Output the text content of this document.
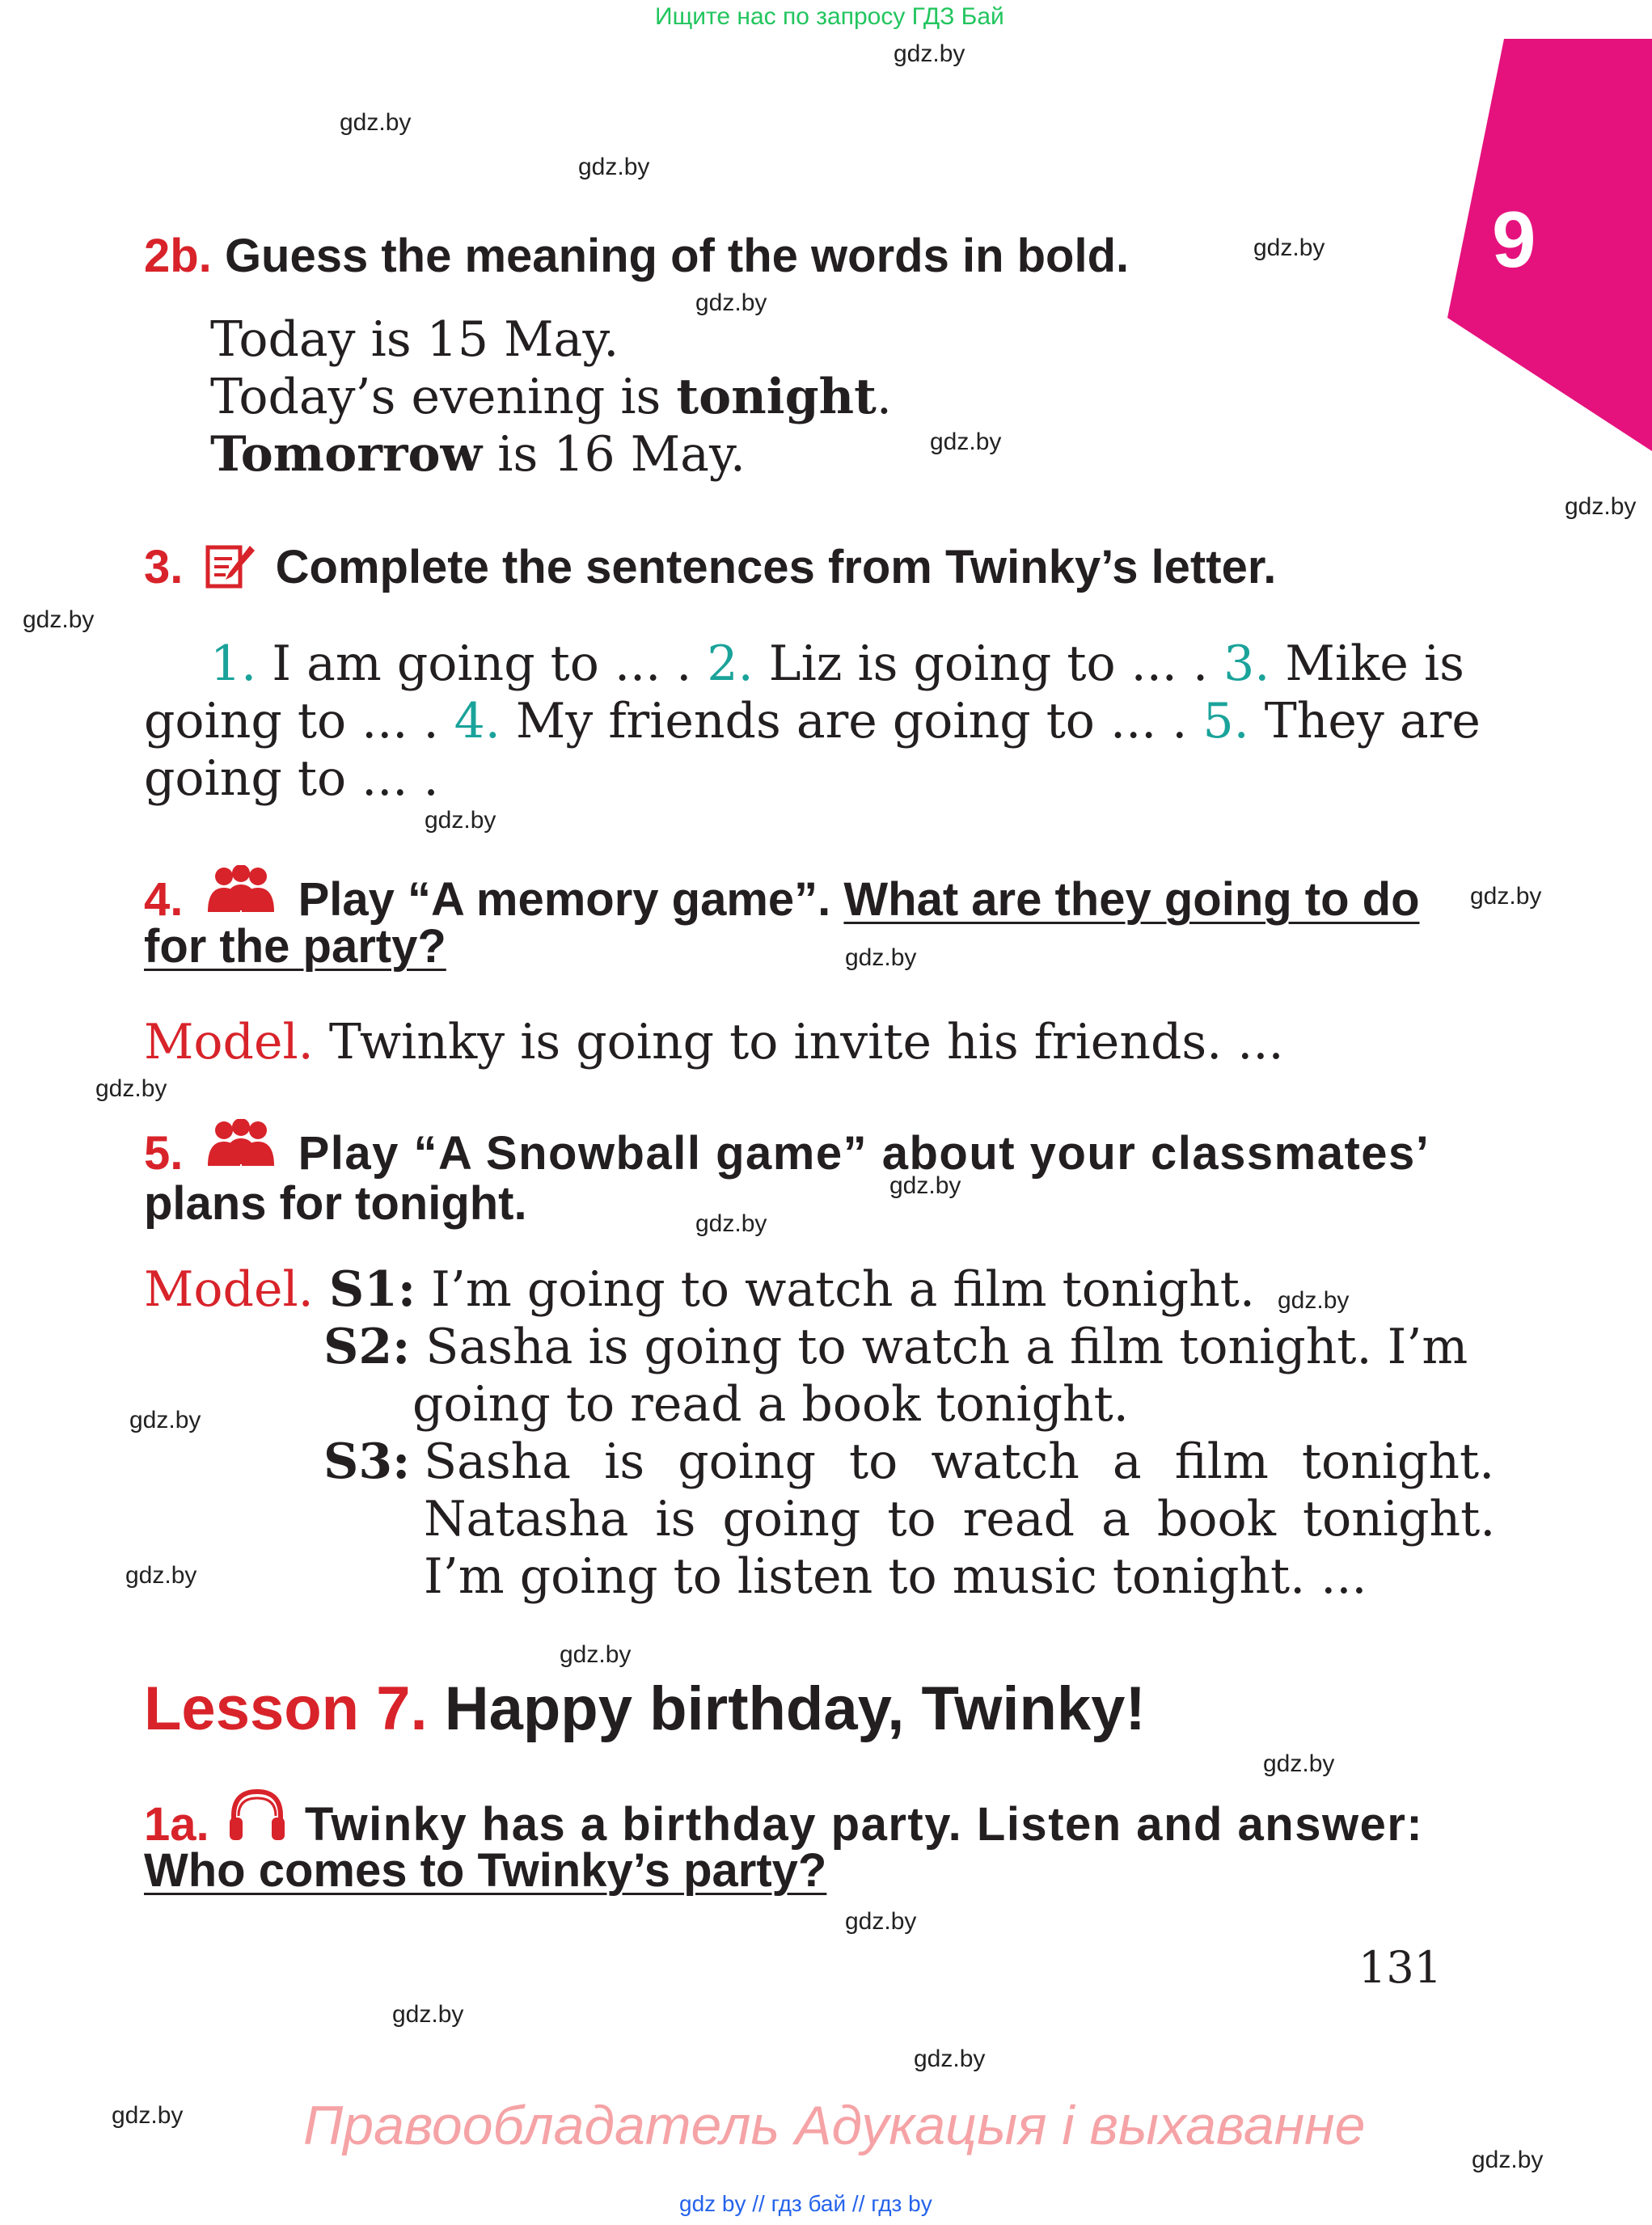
Ищите нас по запросу ГДЗ Бай
9
gdz.by
gdz.by
gdz.by
gdz.by
gdz.by
gdz.by
gdz.by
gdz.by
gdz.by
gdz.by
gdz.by
gdz.by
gdz.by
gdz.by
gdz.by
gdz.by
gdz.by
gdz.by
gdz.by
gdz.by
gdz.by
gdz.by
gdz.by
gdz.by
2b. Guess the meaning of the words in bold.
Today is 15 May.
Today’s evening is tonight.
Tomorrow is 16 May.
3. Complete the sentences from Twinky’s letter.
1. I am going to ... . 2. Liz is going to ... . 3. Mike is
going to ... . 4. My friends are going to ... . 5. They are
going to ... .
4. Play “A memory game”. What are they going to do
for the party?
Model. Twinky is going to invite his friends. ...
5. Play “A Snowball game” about your classmates’
plans for tonight.
Model. S1: I’m going to watch a film tonight.
S2: Sasha is going to watch a film tonight. I’m
going to read a book tonight.
S3: Sasha is going to watch a film tonight.
Natasha is going to read a book tonight.
I’m going to listen to music tonight. ...
Lesson 7. Happy birthday, Twinky!
1a. Twinky has a birthday party. Listen and answer:
Who comes to Twinky’s party?
131
Правообладатель Адукацыя і выхаванне
gdz by // гдз бай // гдз by
